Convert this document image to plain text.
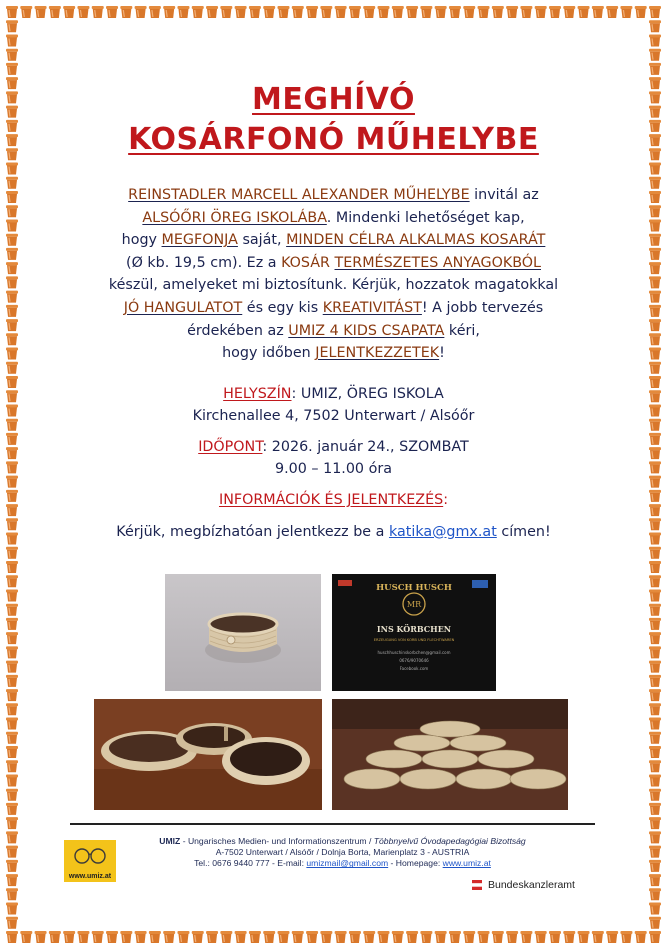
MEGHÍVÓ
KOSÁRFONÓ MŰHELYBE
REINSTADLER MARCELL ALEXANDER MŰHELYBE invitál az
ALSÓŐRI ÖREG ISKOLÁBA. Mindenki lehetőséget kap,
hogy MEGFONJA saját, MINDEN CÉLRA ALKALMAS KOSARÁT
(Ø kb. 19,5 cm). Ez a KOSÁR TERMÉSZETES ANYAGOKBÓL
készül, amelyeket mi biztosítunk. Kérjük, hozzatok magatokkal
JÓ HANGULATOT és egy kis KREATIVITÁST! A jobb tervezés
érdekében az UMIZ 4 KIDS CSAPATA kéri,
hogy időben JELENTKEZZETEK!
HELYSZÍN: UMIZ, ÖREG ISKOLA
Kirchenallee 4, 7502 Unterwart / Alsóőr
IDŐPONT: 2026. január 24., SZOMBAT
9.00 – 11.00 óra
INFORMÁCIÓK ÉS JELENTKEZÉS:
Kérjük, megbízhatóan jelentkezz be a katika@gmx.at címen!
MR
HUSCH HUSCH
INS KÖRBCHEN
ERZEUGUNG VON KORB UND FLECHTWAREN
huschhuschinskorbchen@gmail.com
0676/9070646
Facebook.com
www.umiz.at
UMIZ - Ungarisches Medien- und Informationszentrum / Többnyelvű Óvodapedagógiai Bizottság
A-7502 Unterwart / Alsóőr / Dolnja Borta, Marienplatz 3 - AUSTRIA
Tel.: 0676 9440 777 - E-mail: umizmail@gmail.com - Homepage: www.umiz.at
Bundeskanzleramt
